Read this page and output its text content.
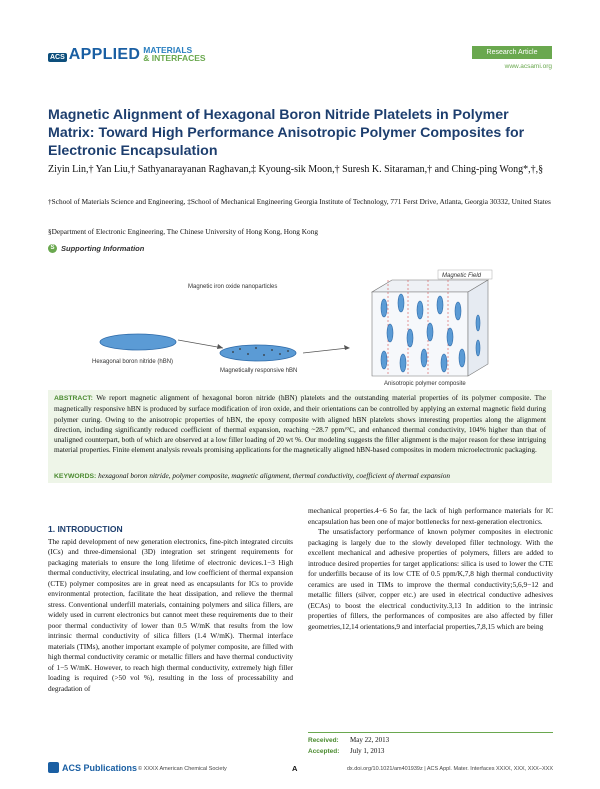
ACS APPLIED MATERIALS
& INTERFACES
Research Article
www.acsami.org
Magnetic Alignment of Hexagonal Boron Nitride Platelets in Polymer Matrix: Toward High Performance Anisotropic Polymer Composites for Electronic Encapsulation
Ziyin Lin,† Yan Liu,† Sathyanarayanan Raghavan,‡ Kyoung-sik Moon,† Suresh K. Sitaraman,† and Ching-ping Wong*,†,§
†School of Materials Science and Engineering, ‡School of Mechanical Engineering Georgia Institute of Technology, 771 Ferst Drive, Atlanta, Georgia 30332, United States
§Department of Electronic Engineering, The Chinese University of Hong Kong, Hong Kong
S Supporting Information
Hexagonal boron nitride (hBN)
Magnetic iron oxide nanoparticles
Magnetically responsive hBN
Magnetic Field
Anisotropic polymer composite
ABSTRACT: We report magnetic alignment of hexagonal boron nitride (hBN) platelets and the outstanding material properties of its polymer composite. The magnetically responsive hBN is produced by surface modification of iron oxide, and their orientations can be controlled by applying an external magnetic field during polymer curing. Owing to the anisotropic properties of hBN, the epoxy composite with aligned hBN platelets shows interesting properties along the alignment direction, including significantly reduced coefficient of thermal expansion, reaching ~28.7 ppm/°C, and enhanced thermal conductivity, 104% higher than that of unaligned counterpart, both of which are observed at a low filler loading of 20 wt %. Our modeling suggests the filler alignment is the major reason for these intriguing material properties. Finite element analysis reveals promising applications for the magnetically aligned hBN-based composites in modern microelectronic packaging.
KEYWORDS: hexagonal boron nitride, polymer composite, magnetic alignment, thermal conductivity, coefficient of thermal expansion
1. INTRODUCTION

The rapid development of new generation electronics, fine-pitch integrated circuits (ICs) and three-dimensional (3D) integration set stringent requirements for packaging materials to ensure the long lifetime of electronic devices.1−3 High thermal conductivity, electrical insulating, and low coefficient of thermal expansion (CTE) polymer composites are in great need as encapsulants for ICs to provide environmental protection, facilitate the heat dissipation, and relieve the thermal stress. Conventional underfill materials, containing polymers and silica fillers, are widely used in current electronics but cannot meet these requirements due to their poor thermal conductivity of lower than 0.5 W/mK that results from the low intrinsic thermal conductivity of silica fillers (1.4 W/mK). Thermal interface materials (TIMs), another important example of polymer composite, are filled with high thermal conductivity ceramic or metallic fillers and have thermal conductivity of 1−5 W/mK. However, to reach high thermal conductivity, extremely high filler loading is required (>50 vol %), resulting in the loss of processability and degradation of

mechanical properties.4−6 So far, the lack of high performance materials for IC encapsulation has been one of major bottlenecks for next-generation electronics.

The unsatisfactory performance of known polymer composites in electronic packaging is largely due to the slowly developed filler technology. With the excellent mechanical and adhesive properties of polymers, fillers are added to introduce desired properties for target applications: silica is used to lower the CTE for underfills because of its low CTE of 0.5 ppm/K,7,8 high thermal conductivity ceramics are used in TIMs to improve the thermal conductivity;5,6,9−12 and metallic fillers (silver, copper etc.) are used in electrical conductive adhesives (ECAs) to boost the electrical conductivity.3,13 In addition to the intrinsic properties of fillers, the performances of composites are also affected by filler geometries,12,14 orientations,9 and interfacial properties,7,8,15 which are being

Received: May 22, 2013
Accepted: July 1, 2013
ACS Publications © XXXX American Chemical Society	A	dx.doi.org/10.1021/am401939z | ACS Appl. Mater. Interfaces XXXX, XXX, XXX−XXX
